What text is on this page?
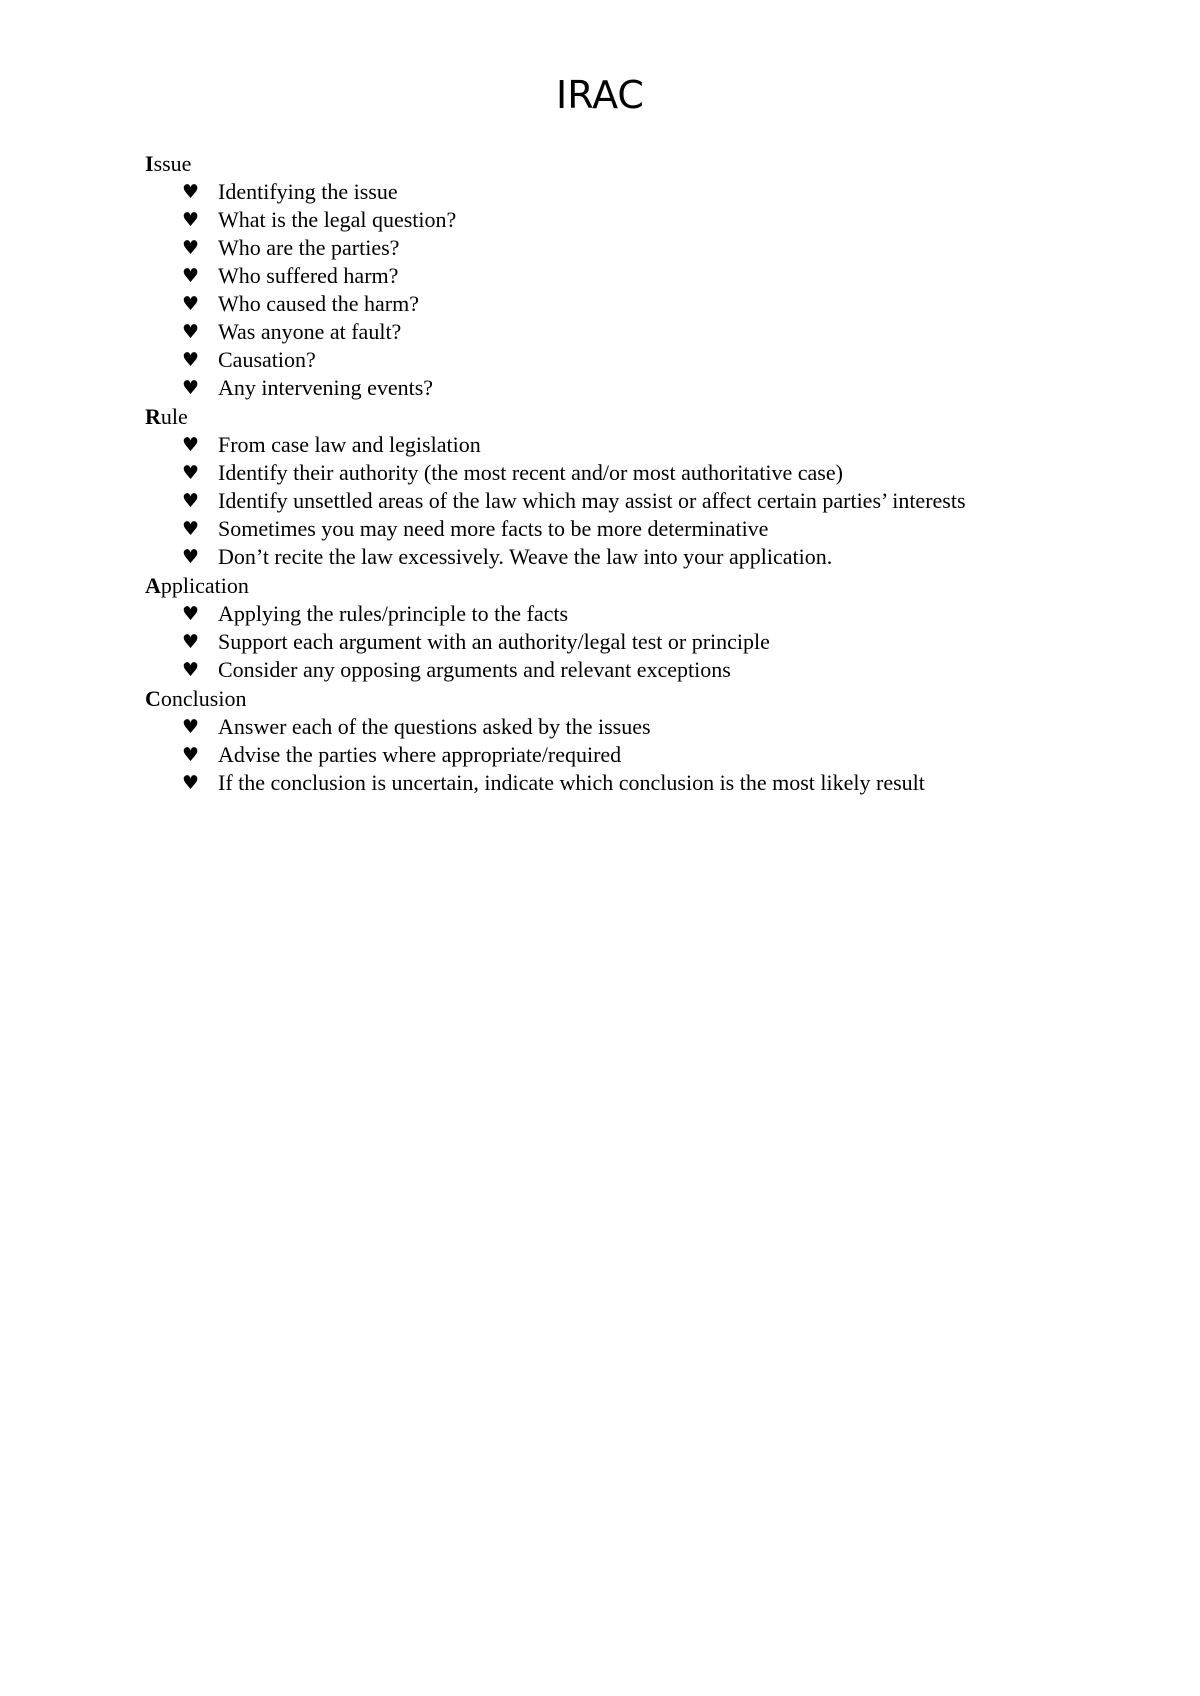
IRAC
Issue
♥ Identifying the issue
♥ What is the legal question?
♥ Who are the parties?
♥ Who suffered harm?
♥ Who caused the harm?
♥ Was anyone at fault?
♥ Causation?
♥ Any intervening events?
Rule
♥ From case law and legislation
♥ Identify their authority (the most recent and/or most authoritative case)
♥ Identify unsettled areas of the law which may assist or affect certain parties’ interests
♥ Sometimes you may need more facts to be more determinative
♥ Don’t recite the law excessively. Weave the law into your application.
Application
♥ Applying the rules/principle to the facts
♥ Support each argument with an authority/legal test or principle
♥ Consider any opposing arguments and relevant exceptions
Conclusion
♥ Answer each of the questions asked by the issues
♥ Advise the parties where appropriate/required
♥ If the conclusion is uncertain, indicate which conclusion is the most likely result
